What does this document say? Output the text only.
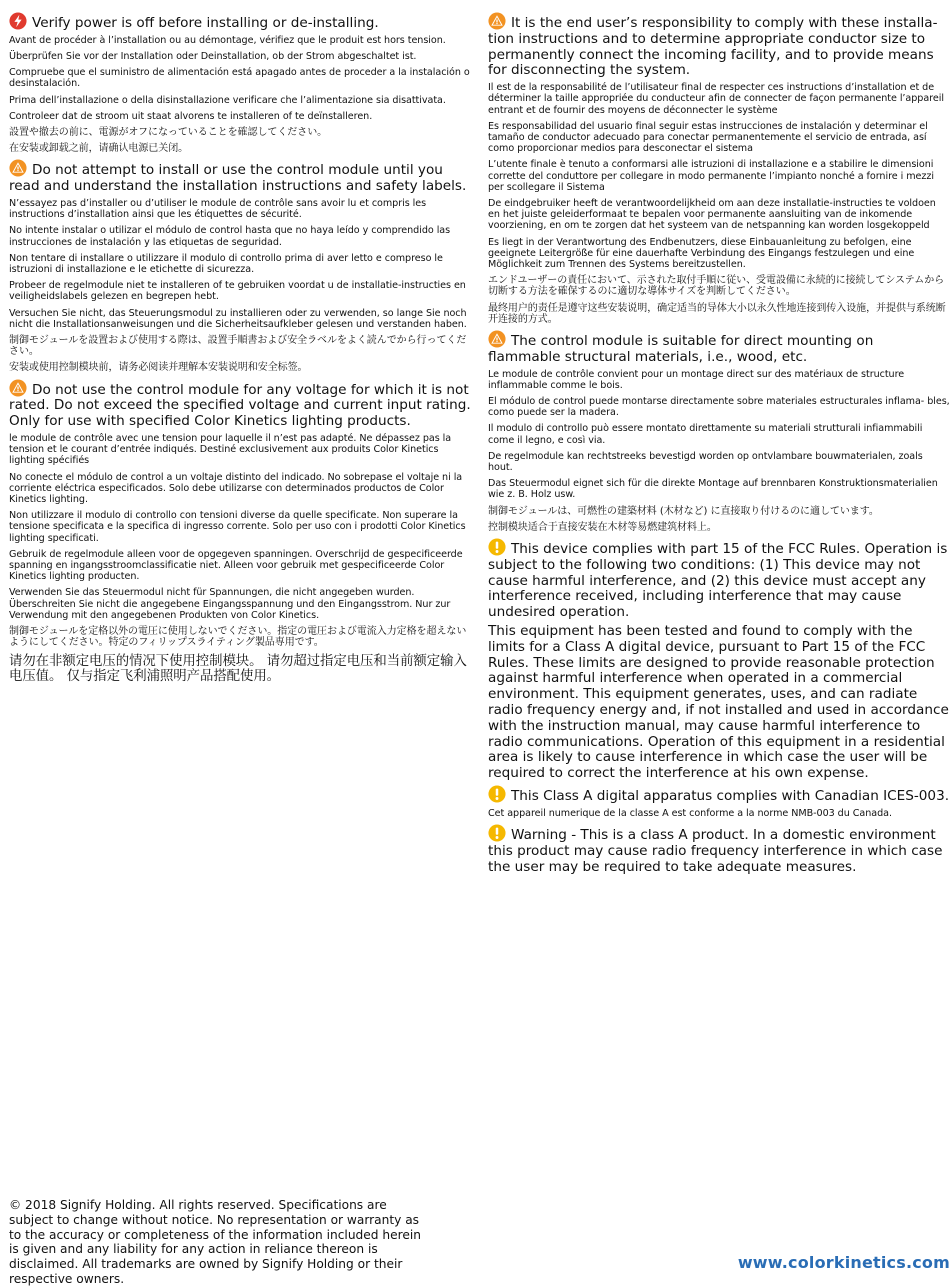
Verify power is off before installing or de-installing.
Avant de procéder à l’installation ou au démontage, vérifiez que le produit est hors tension.
Überprüfen Sie vor der Installation oder Deinstallation, ob der Strom abgeschaltet ist.
Compruebe que el suministro de alimentación está apagado antes de proceder a la instalación o desinstalación.
Prima dell’installazione o della disinstallazione verificare che l’alimentazione sia disattivata.
Controleer dat de stroom uit staat alvorens te installeren of te deïnstalleren.
設置や撤去の前に、電源がオフになっていることを確認してください。
在安装或卸载之前，请确认电源已关闭。
Do not attempt to install or use the control module until you read and understand the installation instructions and safety labels.
N’essayez pas d’installer ou d’utiliser le module de contrôle sans avoir lu et compris les instructions d’installation ainsi que les étiquettes de sécurité.
No intente instalar o utilizar el módulo de control hasta que no haya leído y comprendido las instrucciones de instalación y las etiquetas de seguridad.
Non tentare di installare o utilizzare il modulo di controllo prima di aver letto e compreso le istruzioni di installazione e le etichette di sicurezza.
Probeer de regelmodule niet te installeren of te gebruiken voordat u de installatie-instructies en veiligheidslabels gelezen en begrepen hebt.
Versuchen Sie nicht, das Steuerungsmodul zu installieren oder zu verwenden, so lange Sie noch nicht die Installationsanweisungen und die Sicherheitsaufkleber gelesen und verstanden haben.
制御モジュールを設置および使用する際は、設置手順書および安全ラベルをよく読んでから行ってください。
安装或使用控制模块前，请务必阅读并理解本安装说明和安全标签。
Do not use the control module for any voltage for which it is not rated. Do not exceed the specified voltage and current input rating. Only for use with specified Color Kinetics lighting products.
le module de contrôle avec une tension pour laquelle il n’est pas adapté. Ne dépassez pas la tension et le courant d’entrée indiqués. Destiné exclusivement aux produits Color Kinetics lighting spécifiés
No conecte el módulo de control a un voltaje distinto del indicado. No sobrepase el voltaje ni la corriente eléctrica especificados. Solo debe utilizarse con determinados productos de Color Kinetics lighting.
Non utilizzare il modulo di controllo con tensioni diverse da quelle specificate. Non superare la tensione specificata e la specifica di ingresso corrente. Solo per uso con i prodotti Color Kinetics lighting specificati.
Gebruik de regelmodule alleen voor de opgegeven spanningen. Overschrijd de gespecificeerde spanning en ingangsstroomclassificatie niet. Alleen voor gebruik met gespecificeerde Color Kinetics lighting producten.
Verwenden Sie das Steuermodul nicht für Spannungen, die nicht angegeben wurden. Überschreiten Sie nicht die angegebene Eingangsspannung und den Eingangsstrom. Nur zur Verwendung mit den angegebenen Produkten von Color Kinetics.
制御モジュールを定格以外の電圧に使用しないでください。指定の電圧および電流入力定格を超えないようにしてください。特定のフィリップスライティング製品専用です。
请勿在非额定电压的情况下使用控制模块。 请勿超过指定电压和当前额定输入电压值。 仅与指定飞利浦照明产品搭配使用。
It is the end user’s responsibility to comply with these installa- tion instructions and to determine appropriate conductor size to permanently connect the incoming facility, and to provide means for disconnecting the system.
Il est de la responsabilité de l’utilisateur final de respecter ces instructions d’installation et de déterminer la taille appropriée du conducteur afin de connecter de façon permanente l’appareil entrant et de fournir des moyens de déconnecter le système
Es responsabilidad del usuario final seguir estas instrucciones de instalación y determinar el tamaño de conductor adecuado para conectar permanentemente el servicio de entrada, así como proporcionar medios para desconectar el sistema
L’utente finale è tenuto a conformarsi alle istruzioni di installazione e a stabilire le dimensioni corrette del conduttore per collegare in modo permanente l’impianto nonché a fornire i mezzi per scollegare il Sistema
De eindgebruiker heeft de verantwoordelijkheid om aan deze installatie-instructies te voldoen en het juiste geleiderformaat te bepalen voor permanente aansluiting van de inkomende voorziening, en om te zorgen dat het systeem van de netspanning kan worden losgekoppeld
Es liegt in der Verantwortung des Endbenutzers, diese Einbauanleitung zu befolgen, eine geeignete Leitergröße für eine dauerhafte Verbindung des Eingangs festzulegen und eine Möglichkeit zum Trennen des Systems bereitzustellen.
エンドユーザーの責任において、示された取付手順に従い、受電設備に永続的に接続してシステムから切断する方法を確保するのに適切な導体サイズを判断してください。
最终用户的责任是遵守这些安装说明，确定适当的导体大小以永久性地连接到传入设施，并提供与系统断开连接的方式。
The control module is suitable for direct mounting on flammable structural materials, i.e., wood, etc.
Le module de contrôle convient pour un montage direct sur des matériaux de structure inflammable comme le bois.
El módulo de control puede montarse directamente sobre materiales estructurales inflama- bles, como puede ser la madera.
Il modulo di controllo può essere montato direttamente su materiali strutturali infiammabili come il legno, e così via.
De regelmodule kan rechtstreeks bevestigd worden op ontvlambare bouwmaterialen, zoals hout.
Das Steuermodul eignet sich für die direkte Montage auf brennbaren Konstruktionsmaterialien wie z. B. Holz usw.
制御モジュールは、可燃性の建築材料 (木材など) に直接取り付けるのに適しています。
控制模块适合于直接安装在木材等易燃建筑材料上。
This device complies with part 15 of the FCC Rules. Operation is subject to the following two conditions: (1) This device may not cause harmful interference, and (2) this device must accept any interference received, including interference that may cause undesired operation.
This equipment has been tested and found to comply with the limits for a Class A digital device, pursuant to Part 15 of the FCC Rules. These limits are designed to provide reasonable protection against harmful interference when operated in a commercial environment. This equipment generates, uses, and can radiate radio frequency energy and, if not installed and used in accordance with the instruction manual, may cause harmful interference to radio communications. Operation of this equipment in a residential area is likely to cause interference in which case the user will be required to correct the interference at his own expense.
This Class A digital apparatus complies with Canadian ICES-003.
Cet appareil numerique de la classe A est conforme a la norme NMB-003 du Canada.
Warning - This is a class A product. In a domestic environment this product may cause radio frequency interference in which case the user may be required to take adequate measures.
© 2018 Signify Holding. All rights reserved. Specifications are subject to change without notice. No representation or warranty as to the accuracy or completeness of the information included herein is given and any liability for any action in reliance thereon is disclaimed. All trademarks are owned by Signify Holding or their respective owners.
www.colorkinetics.com
